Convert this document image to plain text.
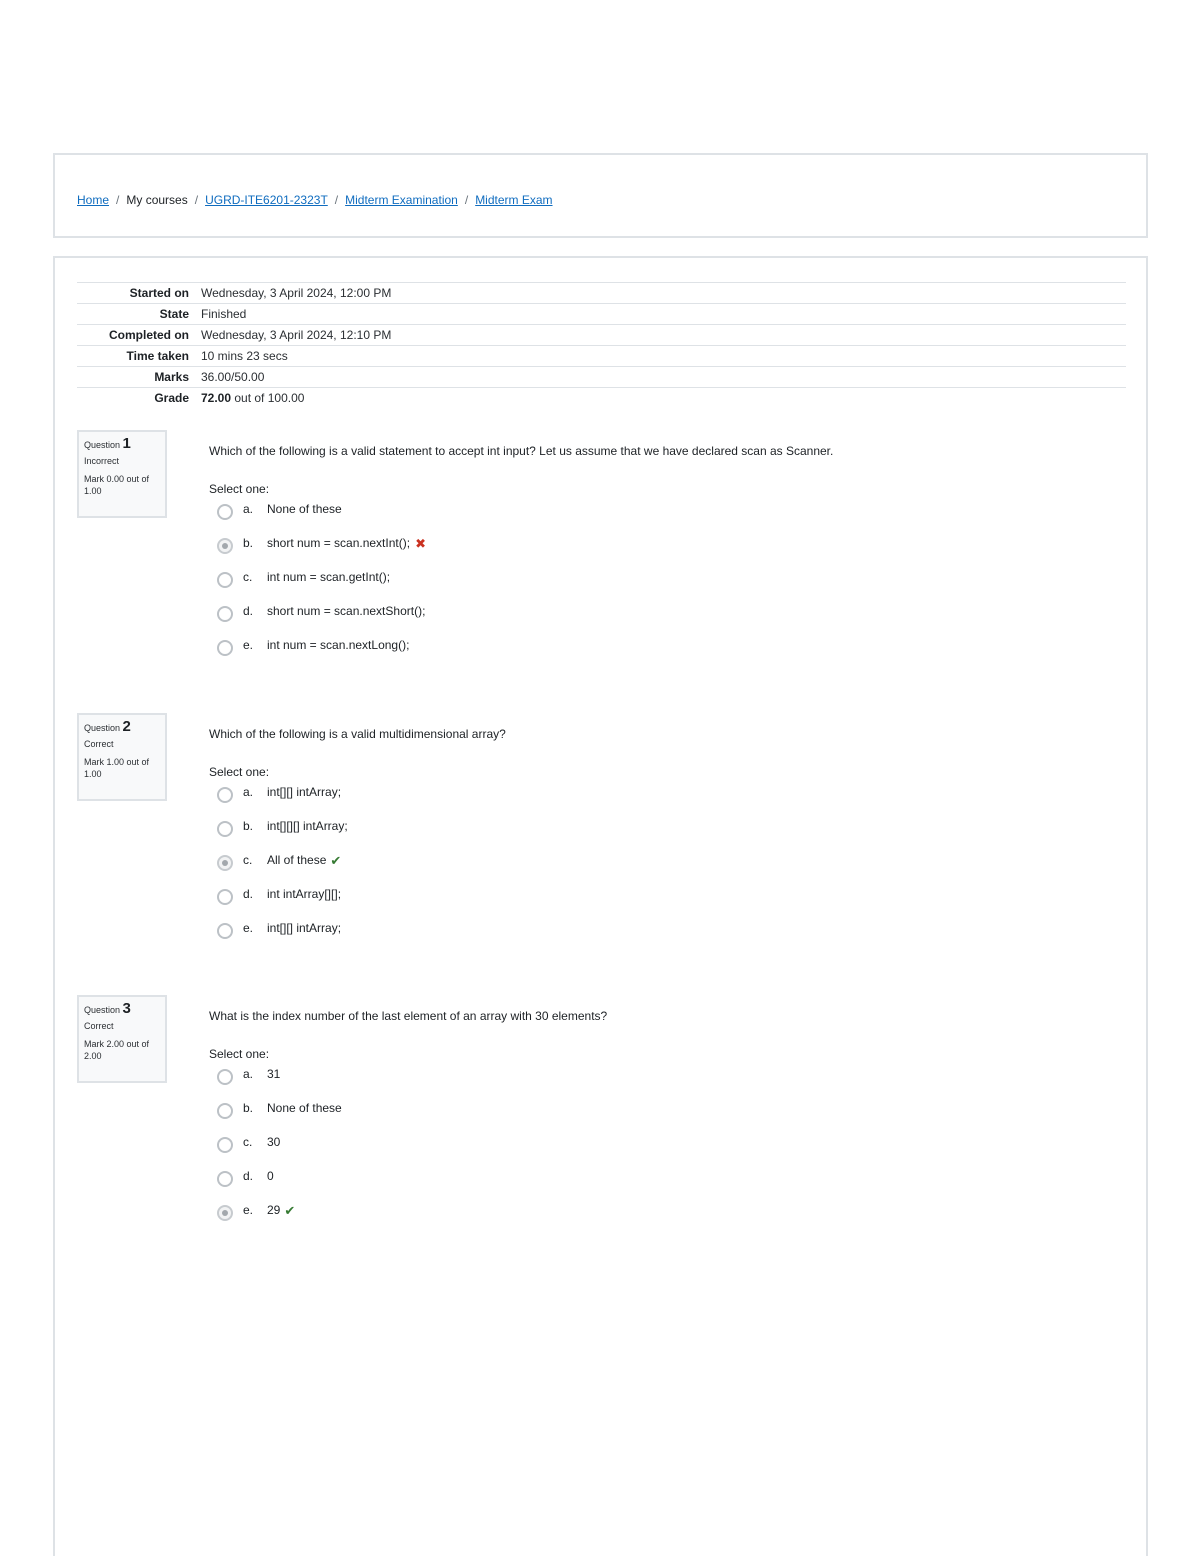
Home / My courses / UGRD-ITE6201-2323T / Midterm Examination / Midterm Exam
Started on	Wednesday, 3 April 2024, 12:00 PM
State	Finished
Completed on	Wednesday, 3 April 2024, 12:10 PM
Time taken	10 mins 23 secs
Marks	36.00/50.00
Grade	72.00 out of 100.00
Question 1
Incorrect
Mark 0.00 out of 1.00
Which of the following is a valid statement to accept int input? Let us assume that we have declared scan as Scanner.
Select one:
a.	None of these
b.	short num = scan.nextInt(); ✖
c.	int num = scan.getInt();
d.	short num = scan.nextShort();
e.	int num = scan.nextLong();
Question 2
Correct
Mark 1.00 out of 1.00
Which of the following is a valid multidimensional array?
Select one:
a.	int[][] intArray;
b.	int[][][] intArray;
c.	All of these ✔
d.	int intArray[][];
e.	int[][] intArray;
Question 3
Correct
Mark 2.00 out of 2.00
What is the index number of the last element of an array with 30 elements?
Select one:
a.	31
b.	None of these
c.	30
d.	0
e.	29 ✔
